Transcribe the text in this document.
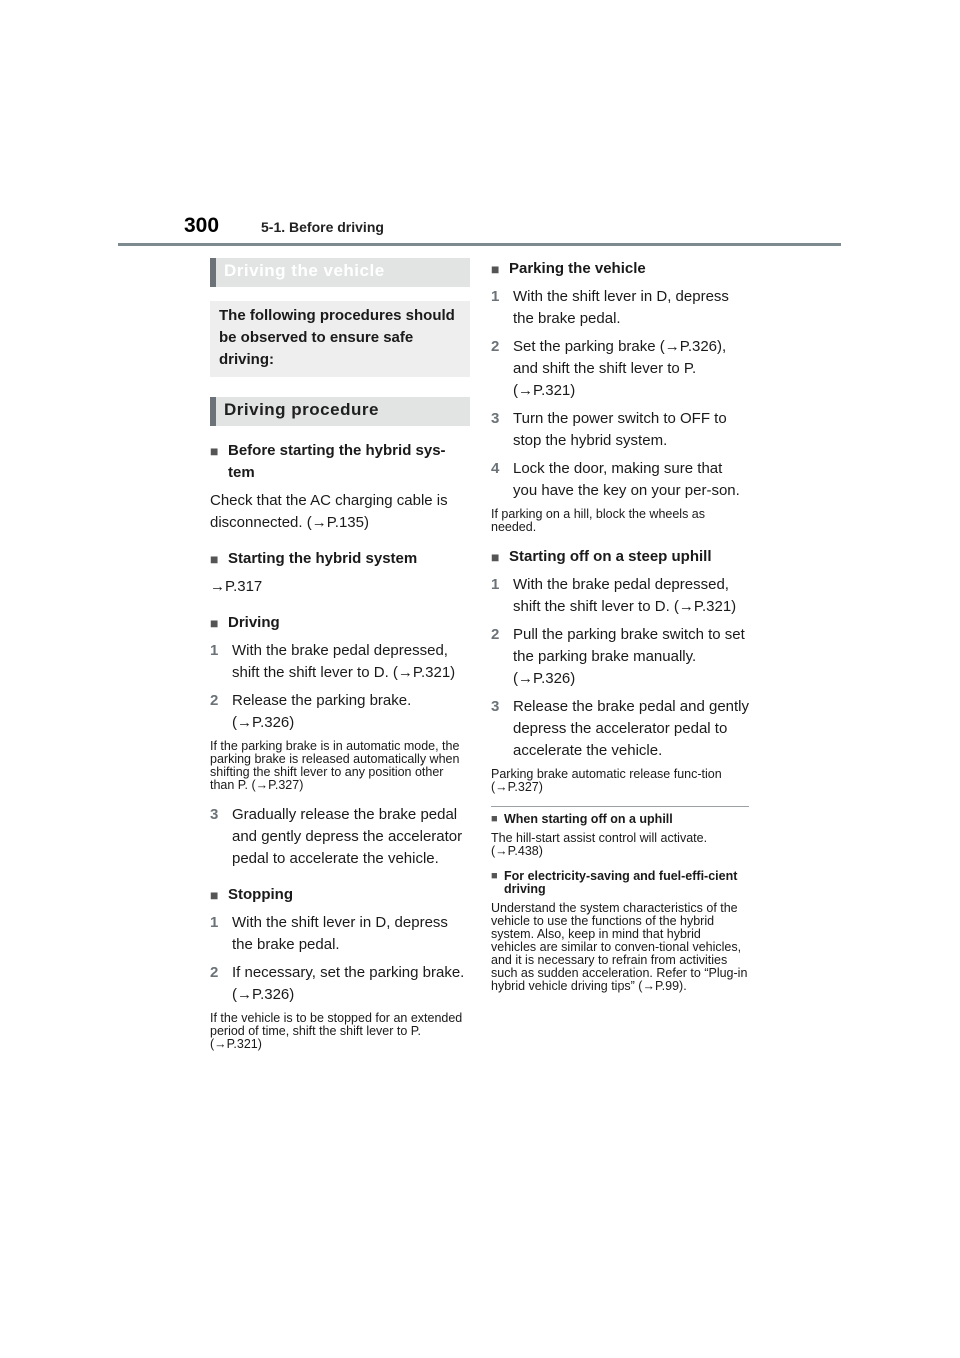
300	5-1. Before driving
Driving the vehicle
The following procedures should be observed to ensure safe driving:
Driving procedure
■ Before starting the hybrid sys-tem

Check that the AC charging cable is disconnected. (→P.135)

■ Starting the hybrid system

→P.317

■ Driving
1 With the brake pedal depressed, shift the shift lever to D. (→P.321)
2 Release the parking brake. (→P.326)

If the parking brake is in automatic mode, the parking brake is released automatically when shifting the shift lever to any position other than P. (→P.327)

3 Gradually release the brake pedal and gently depress the accelerator pedal to accelerate the vehicle.
■ Stopping
1 With the shift lever in D, depress the brake pedal.
2 If necessary, set the parking brake. (→P.326)

If the vehicle is to be stopped for an extended period of time, shift the shift lever to P. (→P.321)

■ Parking the vehicle
1 With the shift lever in D, depress the brake pedal.
2 Set the parking brake (→P.326), and shift the shift lever to P. (→P.321)
3 Turn the power switch to OFF to stop the hybrid system.
4 Lock the door, making sure that you have the key on your per-son.

If parking on a hill, block the wheels as needed.

■ Starting off on a steep uphill
1 With the brake pedal depressed, shift the shift lever to D. (→P.321)
2 Pull the parking brake switch to set the parking brake manually. (→P.326)
3 Release the brake pedal and gently depress the accelerator pedal to accelerate the vehicle.

Parking brake automatic release func-tion (→P.327)

■ When starting off on a uphill

The hill-start assist control will activate. (→P.438)

■ For electricity-saving and fuel-effi-cient driving

Understand the system characteristics of the vehicle to use the functions of the hybrid system. Also, keep in mind that hybrid vehicles are similar to conven-tional vehicles, and it is necessary to refrain from activities such as sudden acceleration. Refer to “Plug-in hybrid vehicle driving tips” (→P.99).
